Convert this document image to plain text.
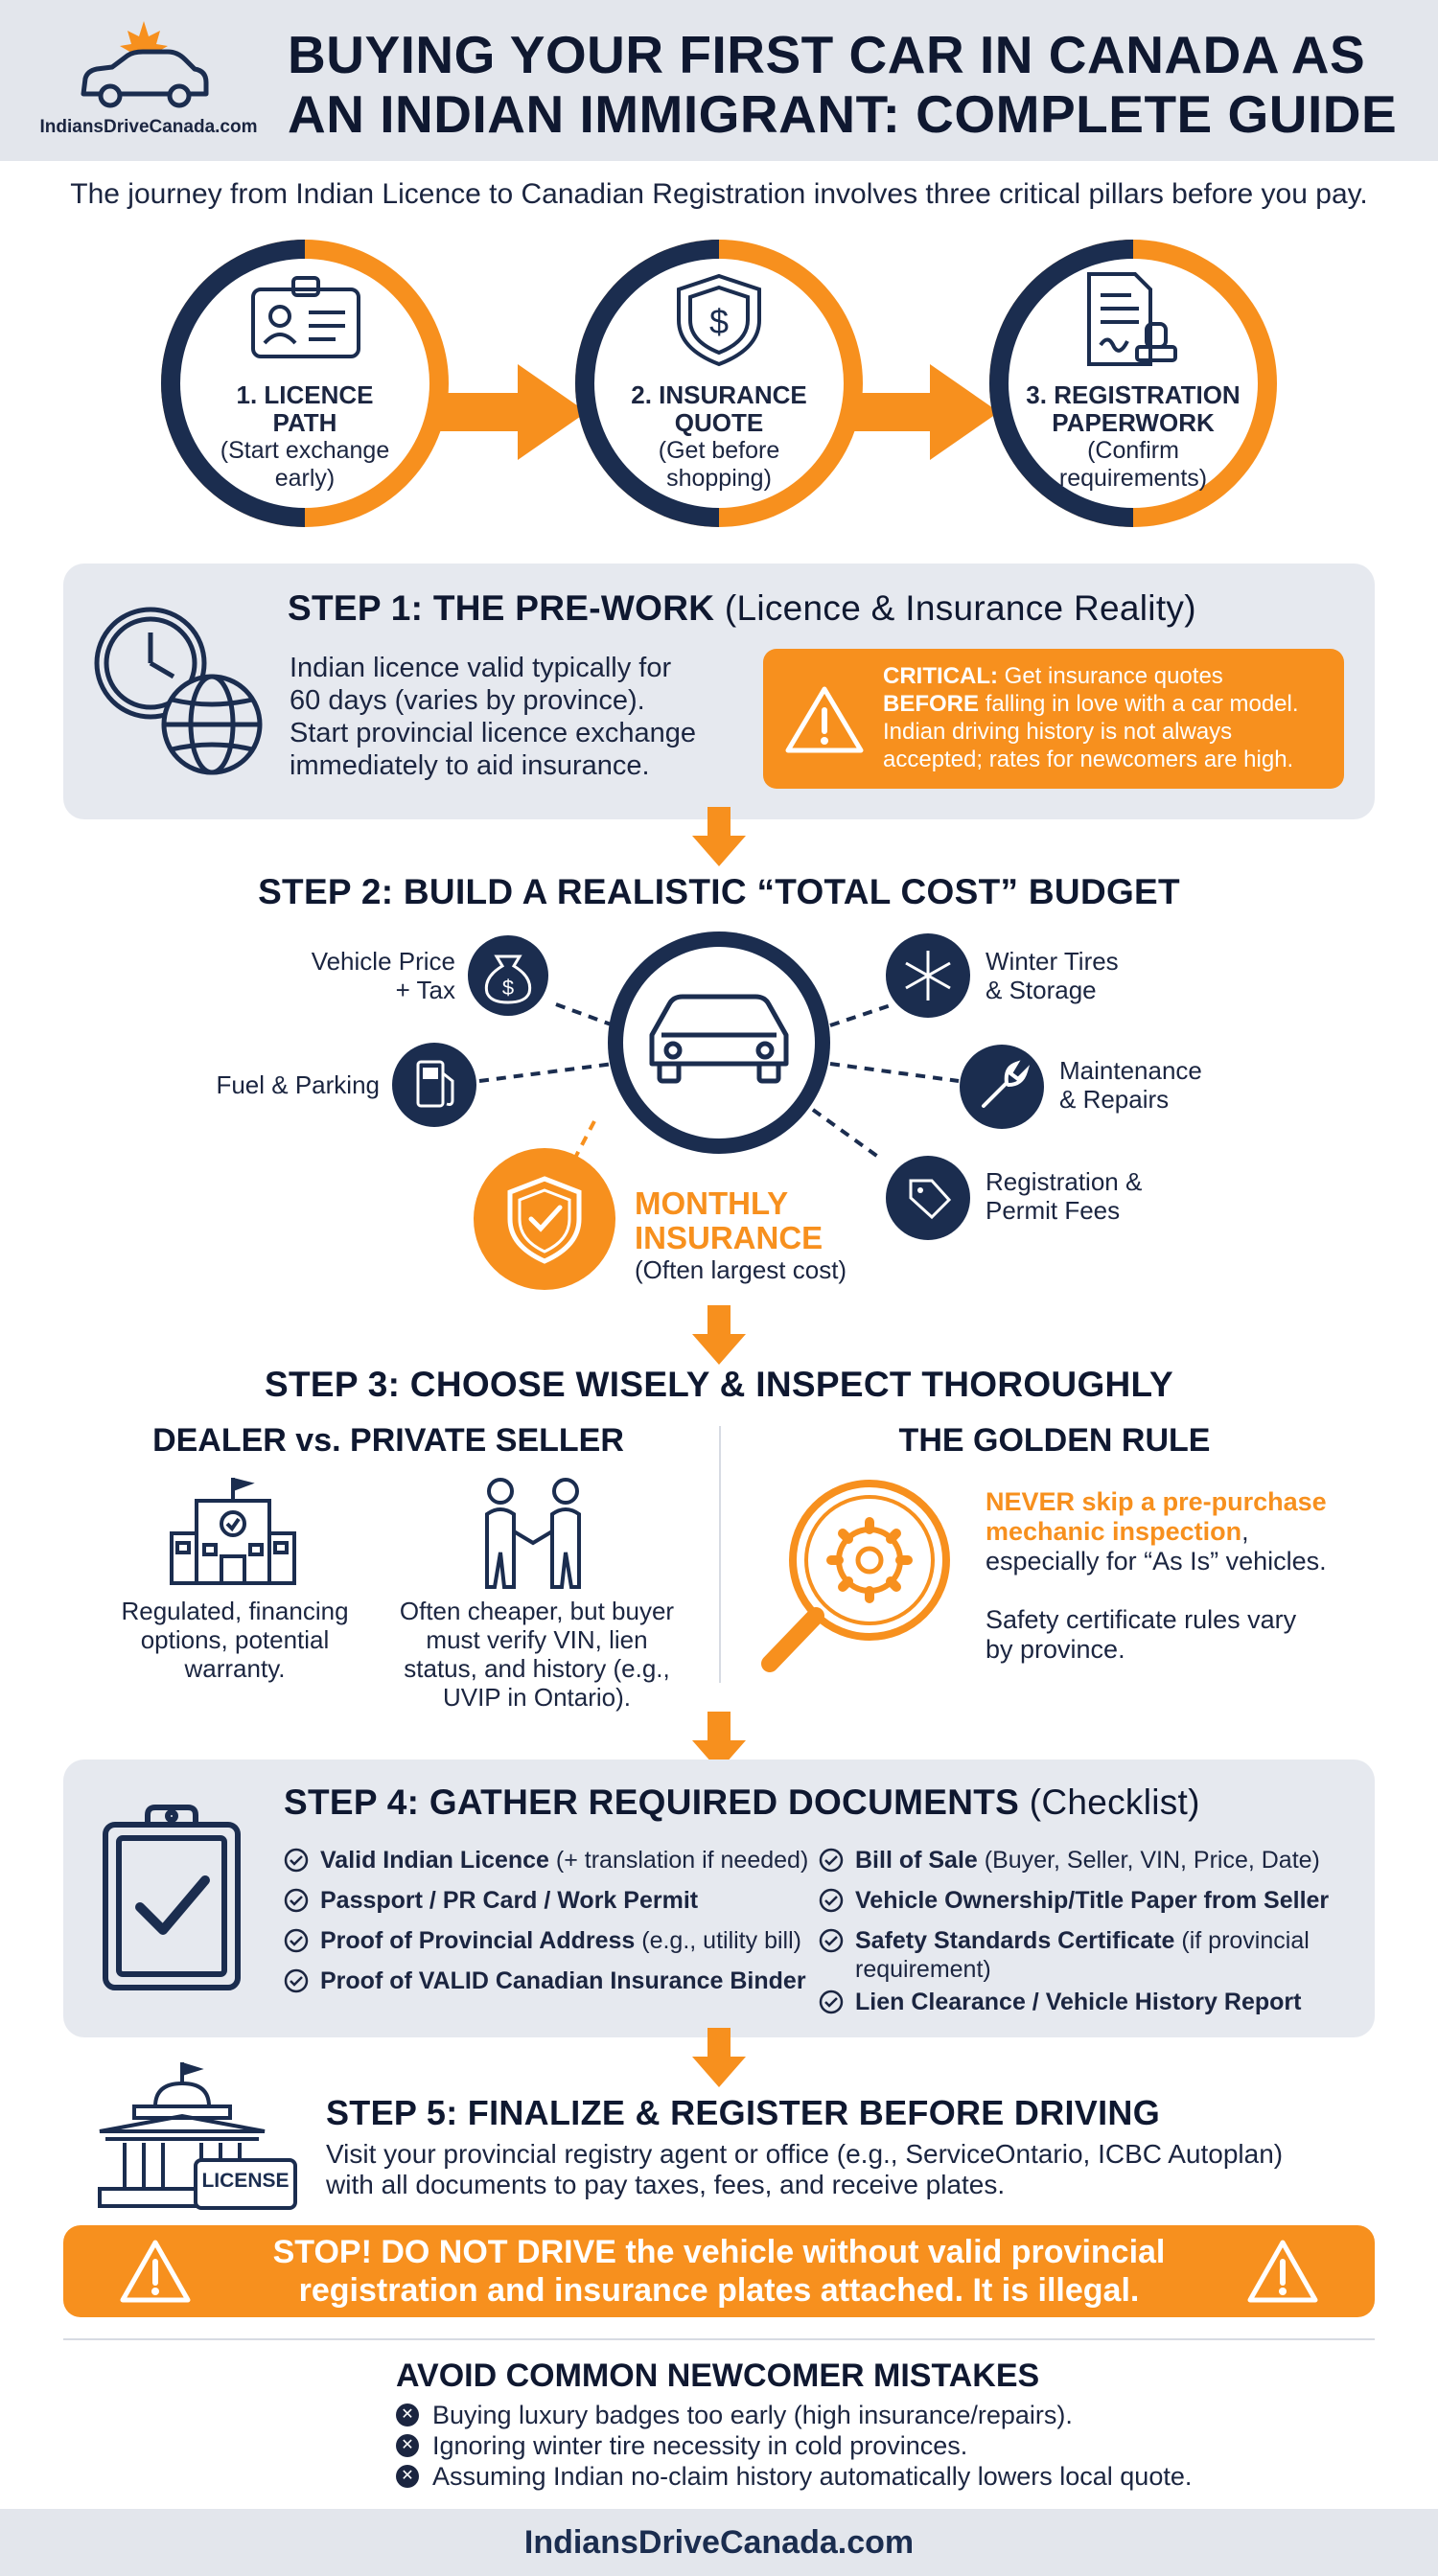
IndiansDriveCanada.com
BUYING YOUR FIRST CAR IN CANADA AS AN INDIAN IMMIGRANT: COMPLETE GUIDE
The journey from Indian Licence to Canadian Registration involves three critical pillars before you pay.
$
1. LICENCE
PATH
(Start exchange
early)
2. INSURANCE
QUOTE
(Get before
shopping)
3. REGISTRATION
PAPERWORK
(Confirm
requirements)
STEP 1: THE PRE-WORK (Licence & Insurance Reality)
Indian licence valid typically for
60 days (varies by province).
Start provincial licence exchange
immediately to aid insurance.
CRITICAL: Get insurance quotes
BEFORE falling in love with a car model.
Indian driving history is not always
accepted; rates for newcomers are high.
STEP 2: BUILD A REALISTIC “TOTAL COST” BUDGET
$
Vehicle Price
+ Tax
Fuel & Parking
Winter Tires
& Storage
Maintenance
& Repairs
Registration &
Permit Fees
MONTHLY
INSURANCE
(Often largest cost)
STEP 3: CHOOSE WISELY & INSPECT THOROUGHLY
DEALER vs. PRIVATE SELLER	THE GOLDEN RULE
Regulated, financing
options, potential
warranty.
Often cheaper, but buyer
must verify VIN, lien
status, and history (e.g.,
UVIP in Ontario).
NEVER skip a pre-purchase
mechanic inspection,
especially for “As Is” vehicles.
Safety certificate rules vary
by province.
STEP 4: GATHER REQUIRED DOCUMENTS (Checklist)
Valid Indian Licence (+ translation if needed)
Passport / PR Card / Work Permit
Proof of Provincial Address (e.g., utility bill)
Proof of VALID Canadian Insurance Binder
Bill of Sale (Buyer, Seller, VIN, Price, Date)
Vehicle Ownership/Title Paper from Seller
Safety Standards Certificate (if provincial requirement)
Lien Clearance / Vehicle History Report
LICENSE
STEP 5: FINALIZE & REGISTER BEFORE DRIVING
Visit your provincial registry agent or office (e.g., ServiceOntario, ICBC Autoplan)
with all documents to pay taxes, fees, and receive plates.
STOP! DO NOT DRIVE the vehicle without valid provincial
registration and insurance plates attached. It is illegal.
AVOID COMMON NEWCOMER MISTAKES
✕ Buying luxury badges too early (high insurance/repairs).
✕ Ignoring winter tire necessity in cold provinces.
✕ Assuming Indian no-claim history automatically lowers local quote.
IndiansDriveCanada.com
